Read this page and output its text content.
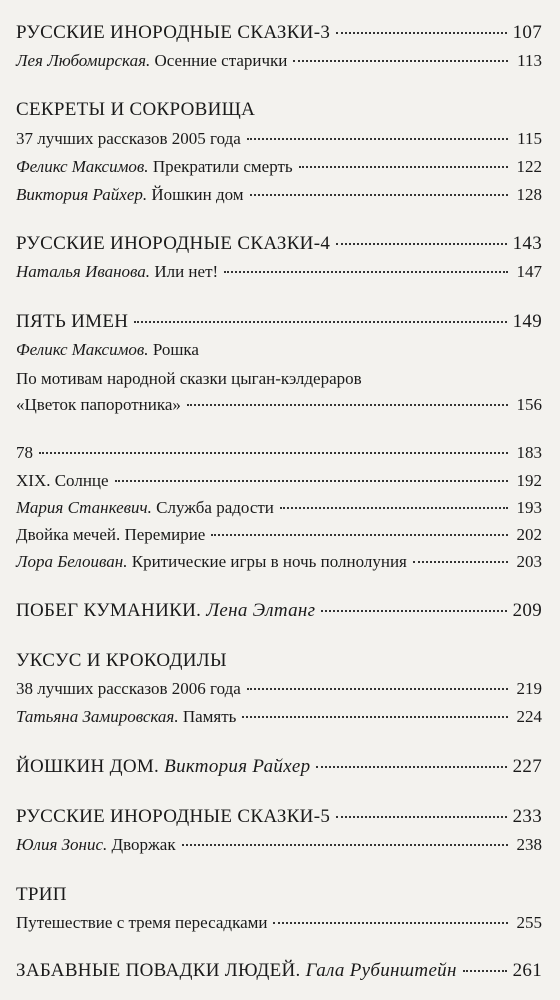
РУССКИЕ ИНОРОДНЫЕ СКАЗКИ-3	107
Лея Любомирская. Осенние старички	113
СЕКРЕТЫ И СОКРОВИЩА
37 лучших рассказов 2005 года	115
Феликс Максимов. Прекратили смерть	122
Виктория Райхер. Йошкин дом	128
РУССКИЕ ИНОРОДНЫЕ СКАЗКИ-4	143
Наталья Иванова. Или нет!	147
ПЯТЬ ИМЕН	149
Феликс Максимов. Рошка
По мотивам народной сказки цыган-кэлдераров
«Цветок папоротника»	156
78	183
XIX. Солнце	192
Мария Станкевич. Служба радости	193
Двойка мечей. Перемирие	202
Лора Белоиван. Критические игры в ночь полнолуния	203
ПОБЕГ КУМАНИКИ. Лена Элтанг	209
УКСУС И КРОКОДИЛЫ
38 лучших рассказов 2006 года	219
Татьяна Замировская. Память	224
ЙОШКИН ДОМ. Виктория Райхер	227
РУССКИЕ ИНОРОДНЫЕ СКАЗКИ-5	233
Юлия Зонис. Дворжак	238
ТРИП
Путешествие с тремя пересадками	255
ЗАБАВНЫЕ ПОВАДКИ ЛЮДЕЙ. Гала Рубинштейн	261
